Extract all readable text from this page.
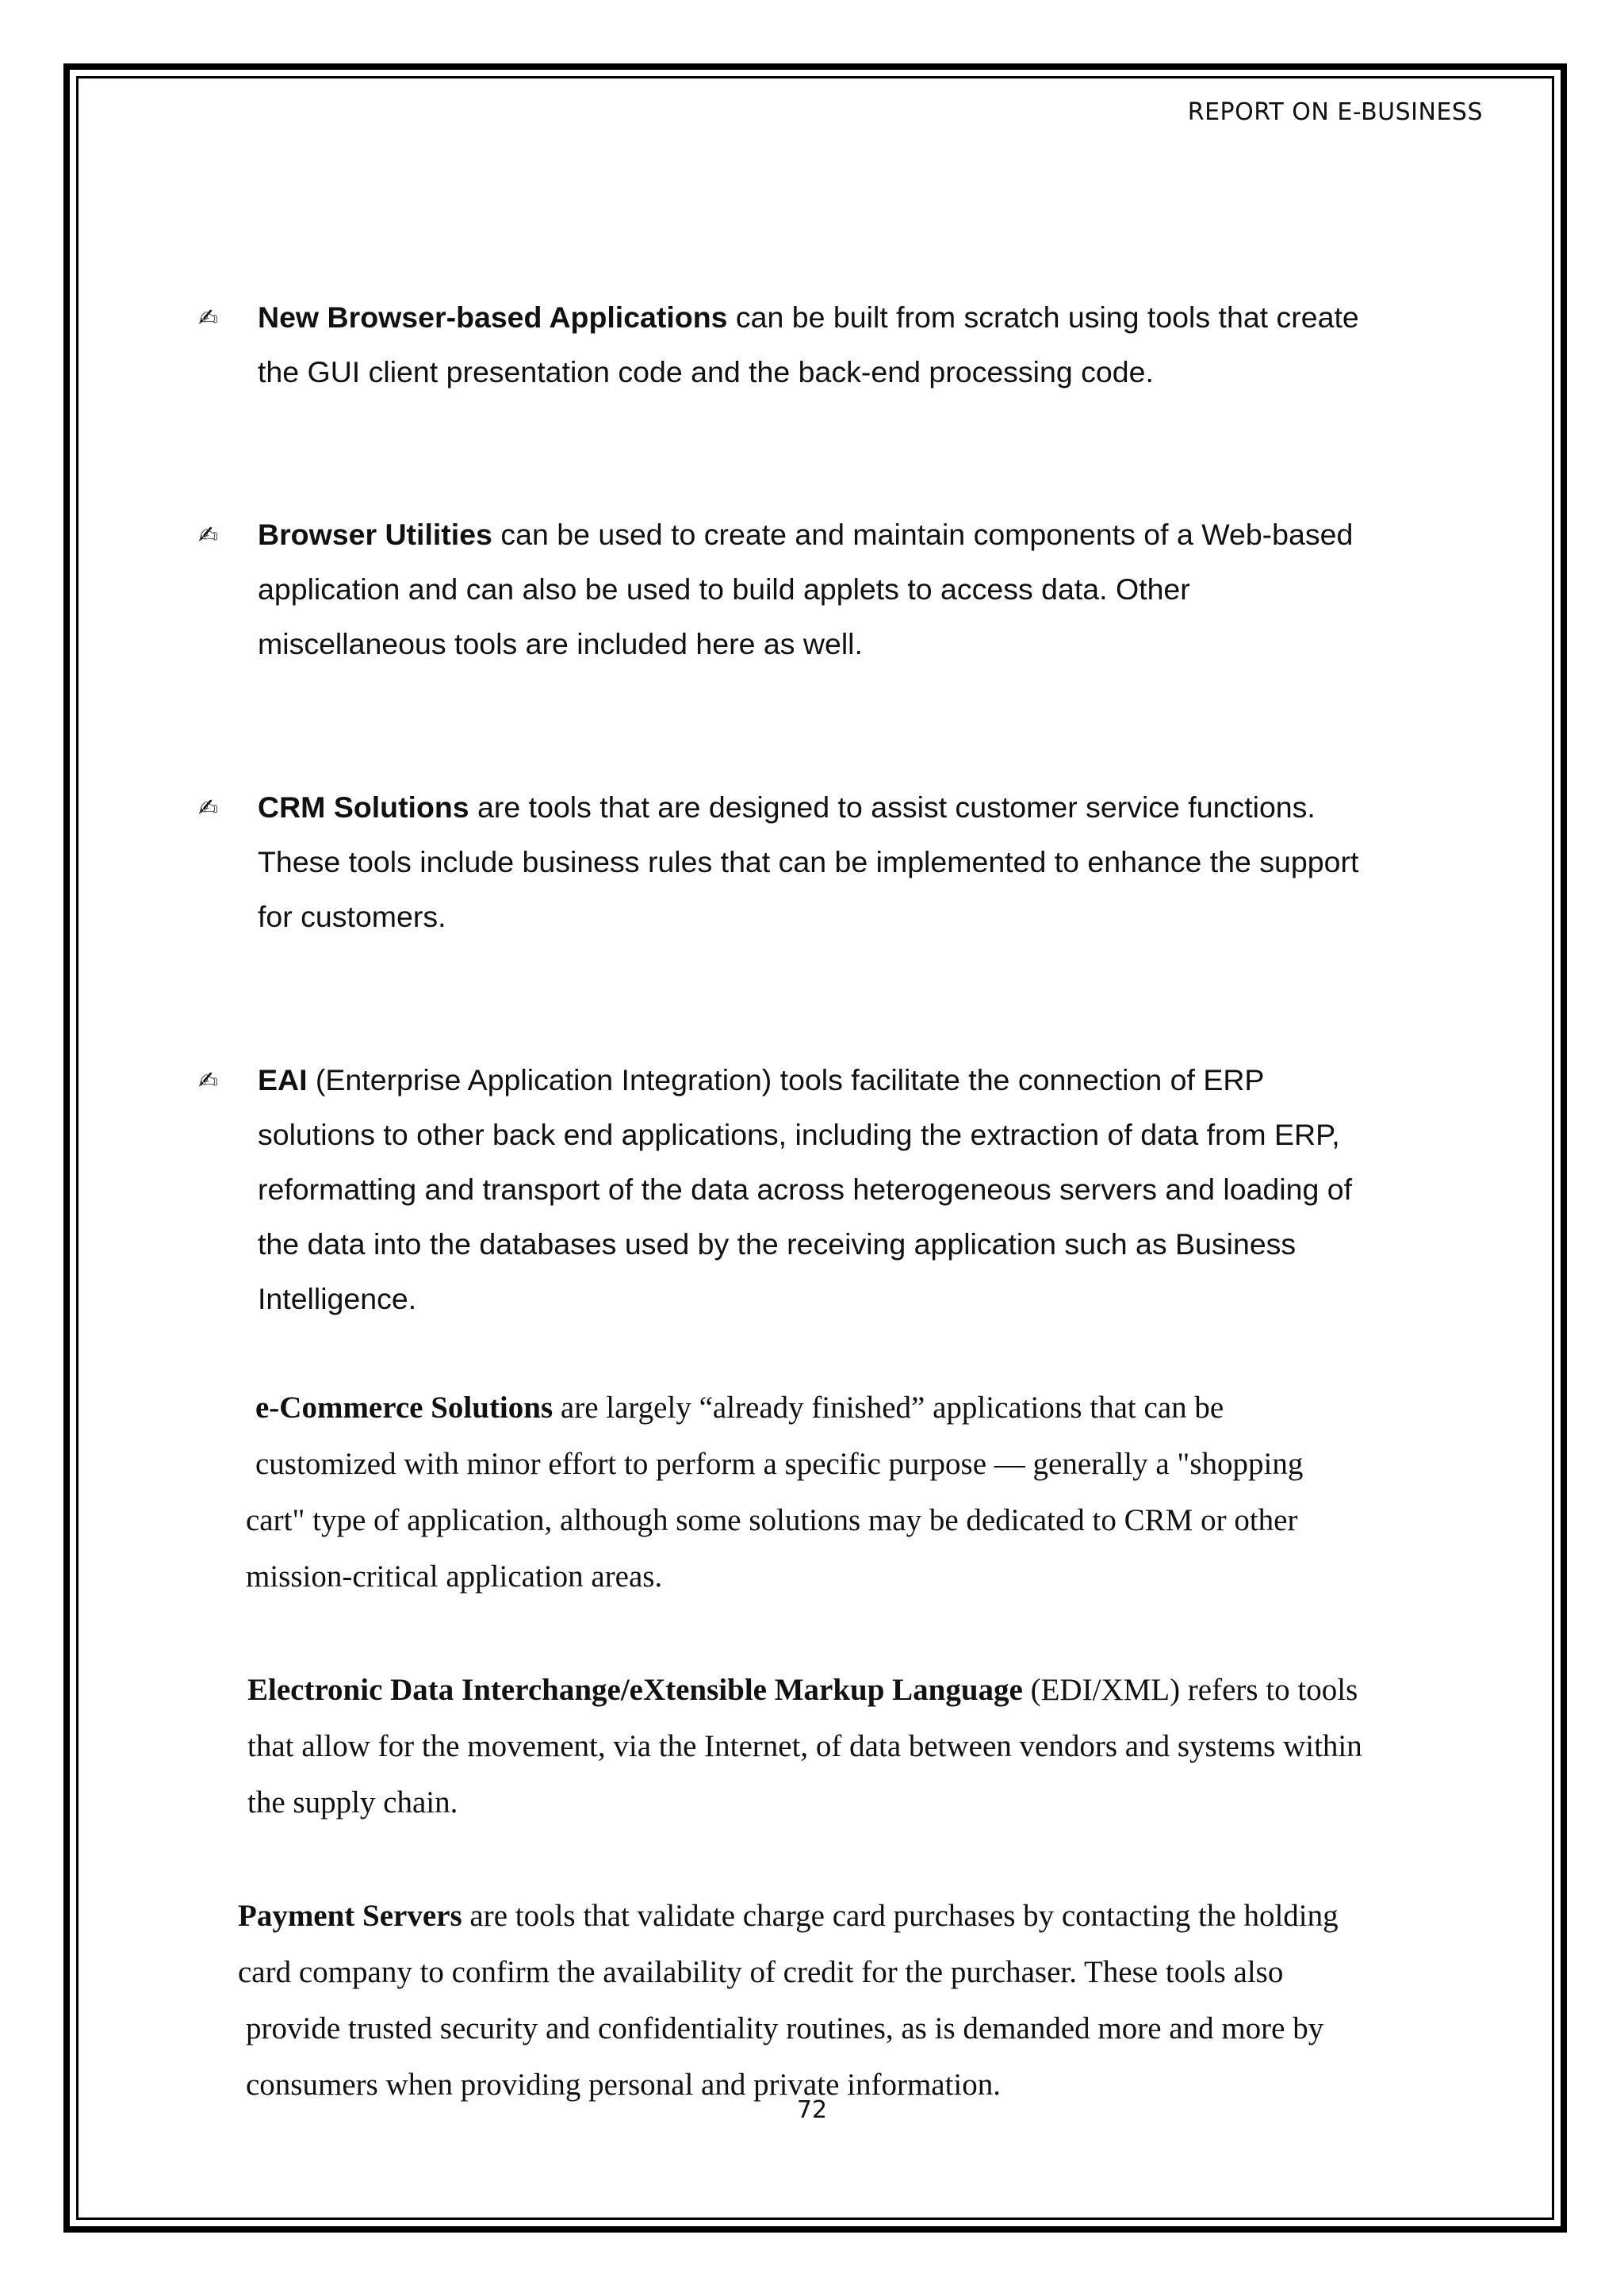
REPORT ON E-BUSINESS
✍	New Browser-based Applications can be built from scratch using tools that create
the GUI client presentation code and the back-end processing code.
✍	Browser Utilities can be used to create and maintain components of a Web-based
application and can also be used to build applets to access data. Other
miscellaneous tools are included here as well.
✍	CRM Solutions are tools that are designed to assist customer service functions.
These tools include business rules that can be implemented to enhance the support
for customers.
✍	EAI (Enterprise Application Integration) tools facilitate the connection of ERP
solutions to other back end applications, including the extraction of data from ERP,
reformatting and transport of the data across heterogeneous servers and loading of
the data into the databases used by the receiving application such as Business
Intelligence.
e-Commerce Solutions are largely “already finished” applications that can be
customized with minor effort to perform a specific purpose — generally a "shopping
cart" type of application, although some solutions may be dedicated to CRM or other
mission-critical application areas.
Electronic Data Interchange/eXtensible Markup Language (EDI/XML) refers to tools
that allow for the movement, via the Internet, of data between vendors and systems within
the supply chain.
Payment Servers are tools that validate charge card purchases by contacting the holding
card company to confirm the availability of credit for the purchaser. These tools also
provide trusted security and confidentiality routines, as is demanded more and more by
consumers when providing personal and private information.
72
